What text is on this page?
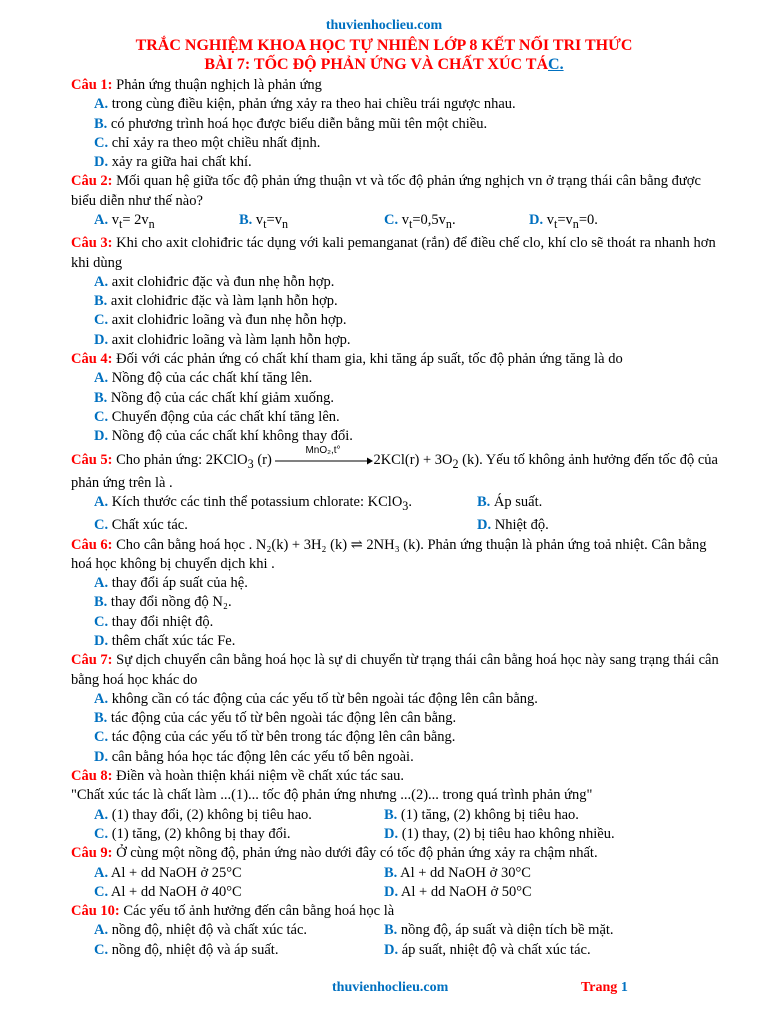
thuvienhoclieu.com
TRẮC NGHIỆM KHOA HỌC TỰ NHIÊN LỚP 8 KẾT NỐI TRI THỨC
BÀI 7: TỐC ĐỘ PHẢN ỨNG VÀ CHẤT XÚC TÁC.
Câu 1: Phản ứng thuận nghịch là phản ứng
A. trong cùng điều kiện, phản ứng xảy ra theo hai chiều trái ngược nhau.
B. có phương trình hoá học được biểu diễn bằng mũi tên một chiều.
C. chỉ xảy ra theo một chiều nhất định.
D. xảy ra giữa hai chất khí.
Câu 2: Mối quan hệ giữa tốc độ phản ứng thuận vt và tốc độ phản ứng nghịch vn ở trạng thái cân bằng được biểu diễn như thế nào?
A. $v_t= 2v_n$	B. $v_t=v_n$	C. $v_t=0,5v_n$.	D. $v_t=v_n=0$.
Câu 3: Khi cho axit clohiđric tác dụng với kali pemanganat (rắn) để điều chế clo, khí clo sẽ thoát ra nhanh hơn khi dùng
A. axit clohiđric đặc và đun nhẹ hỗn hợp.
B. axit clohiđric đặc và làm lạnh hỗn hợp.
C. axit clohiđric loãng và đun nhẹ hỗn hợp.
D. axit clohiđric loãng và làm lạnh hỗn hợp.
Câu 4: Đối với các phản ứng có chất khí tham gia, khi tăng áp suất, tốc độ phản ứng tăng là do
A. Nồng độ của các chất khí tăng lên.
B. Nồng độ của các chất khí giảm xuống.
C. Chuyển động của các chất khí tăng lên.
D. Nồng độ của các chất khí không thay đổi.
Câu 5: Cho phản ứng: 2KClO$_3$ (r)
MnO₂,t°
$2KCl(r) + 3O_2$ (k). Yếu tố không ảnh hưởng đến tốc độ của phản ứng trên là .
A. Kích thước các tinh thể potassium chlorate: KClO$_3$.	B. Áp suất.
C. Chất xúc tác.	D. Nhiệt độ.
Câu 6: Cho cân bằng hoá học . N₂(k) + 3H₂ (k) ⇌ 2NH₃ (k). Phản ứng thuận là phản ứng toả nhiệt. Cân bằng hoá học không bị chuyển dịch khi .
A. thay đổi áp suất của hệ.
B. thay đổi nồng độ N₂.
C. thay đổi nhiệt độ.
D. thêm chất xúc tác Fe.
Câu 7: Sự dịch chuyển cân bằng hoá học là sự di chuyển từ trạng thái cân bằng hoá học này sang trạng thái cân bằng hoá học khác do
A. không cần có tác động của các yếu tố từ bên ngoài tác động lên cân bằng.
B. tác động của các yếu tố từ bên ngoài tác động lên cân bằng.
C. tác động của các yếu tố từ bên trong tác động lên cân bằng.
D. cân bằng hóa học tác động lên các yếu tố bên ngoài.
Câu 8: Điền và hoàn thiện khái niệm về chất xúc tác sau.
"Chất xúc tác là chất làm ...(1)... tốc độ phản ứng nhưng ...(2)... trong quá trình phản ứng"
A. (1) thay đổi, (2) không bị tiêu hao.	B. (1) tăng, (2) không bị tiêu hao.
C. (1) tăng, (2) không bị thay đổi.	D. (1) thay, (2) bị tiêu hao không nhiều.
Câu 9: Ở cùng một nồng độ, phản ứng nào dưới đây có tốc độ phản ứng xảy ra chậm nhất.
A. Al + dd NaOH ở 25°C	B. Al + dd NaOH ở 30°C
C. Al + dd NaOH ở 40°C	D. Al + dd NaOH ở 50°C
Câu 10: Các yếu tố ảnh hưởng đến cân bằng hoá học là
A. nồng độ, nhiệt độ và chất xúc tác.	B. nồng độ, áp suất và diện tích bề mặt.
C. nồng độ, nhiệt độ và áp suất.	D. áp suất, nhiệt độ và chất xúc tác.
thuvienhoclieu.com	Trang 1
